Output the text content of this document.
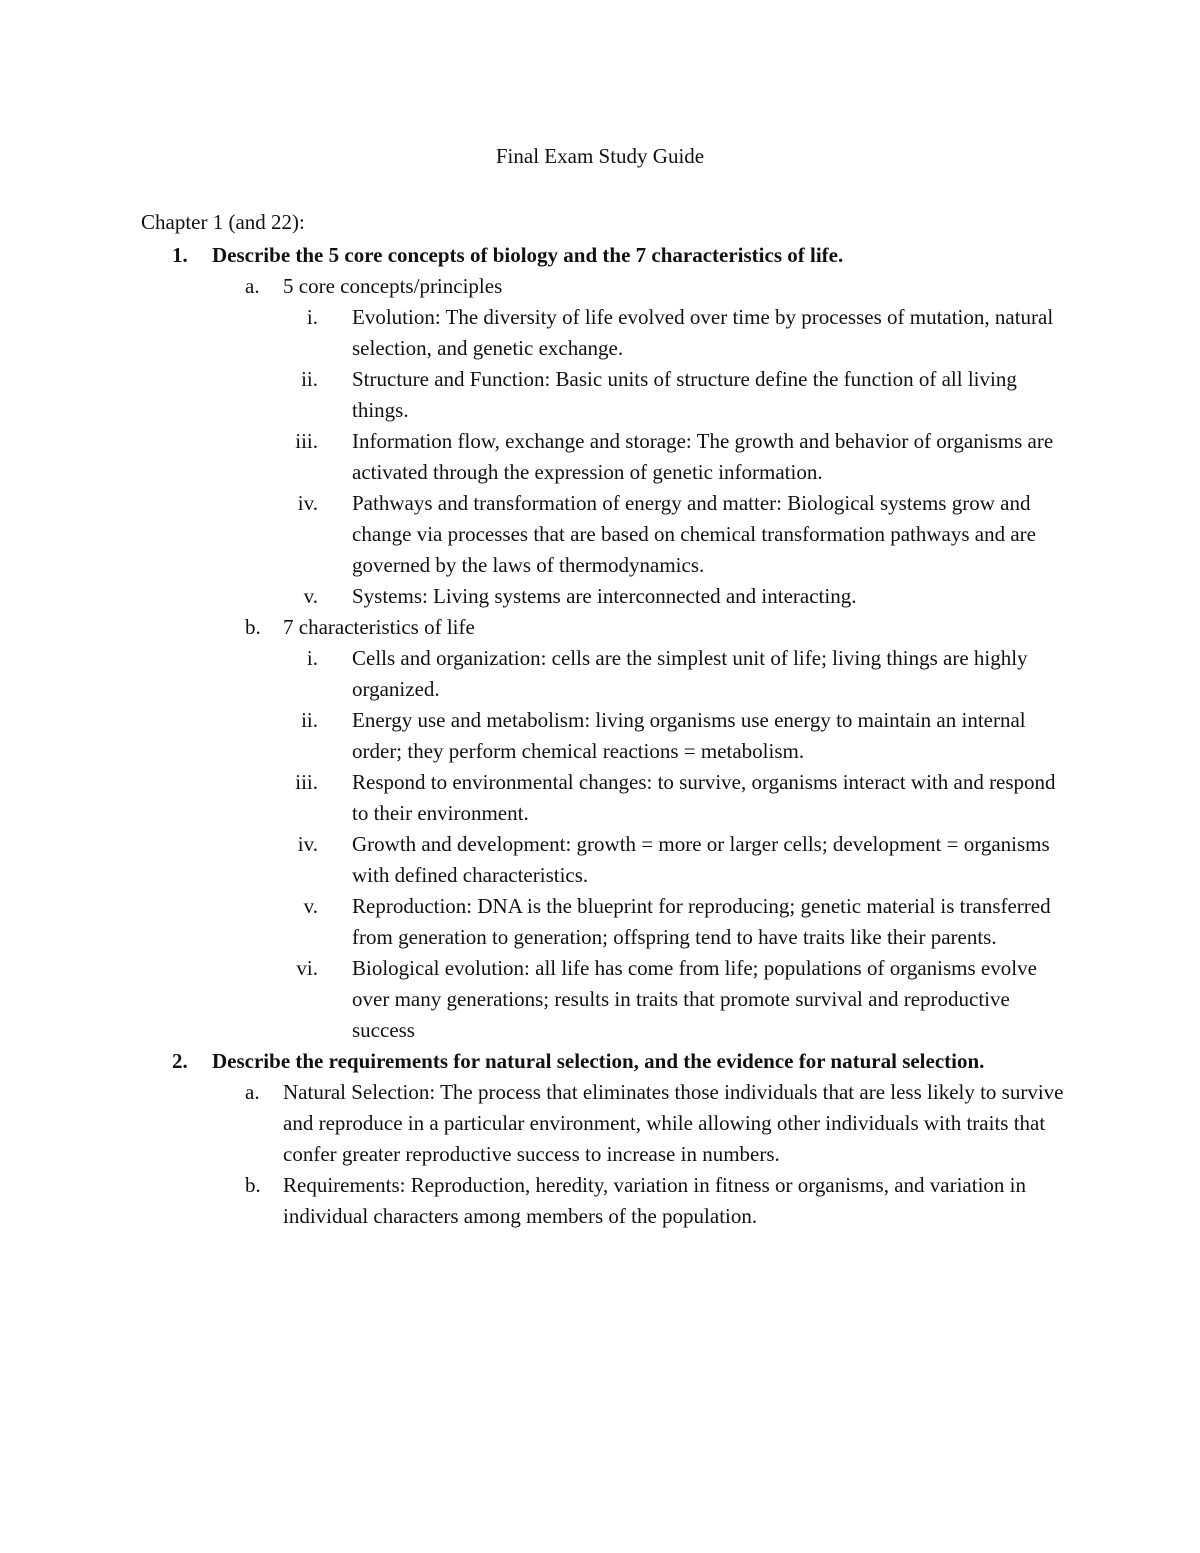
Final Exam Study Guide
Chapter 1 (and 22):
1. Describe the 5 core concepts of biology and the 7 characteristics of life.
a. 5 core concepts/principles
i. Evolution: The diversity of life evolved over time by processes of mutation, natural selection, and genetic exchange.
ii. Structure and Function: Basic units of structure define the function of all living things.
iii. Information flow, exchange and storage: The growth and behavior of organisms are activated through the expression of genetic information.
iv. Pathways and transformation of energy and matter: Biological systems grow and change via processes that are based on chemical transformation pathways and are governed by the laws of thermodynamics.
v. Systems: Living systems are interconnected and interacting.
b. 7 characteristics of life
i. Cells and organization: cells are the simplest unit of life; living things are highly organized.
ii. Energy use and metabolism: living organisms use energy to maintain an internal order; they perform chemical reactions = metabolism.
iii. Respond to environmental changes: to survive, organisms interact with and respond to their environment.
iv. Growth and development: growth = more or larger cells; development = organisms with defined characteristics.
v. Reproduction: DNA is the blueprint for reproducing; genetic material is transferred from generation to generation; offspring tend to have traits like their parents.
vi. Biological evolution: all life has come from life; populations of organisms evolve over many generations; results in traits that promote survival and reproductive success
2. Describe the requirements for natural selection, and the evidence for natural selection.
a. Natural Selection: The process that eliminates those individuals that are less likely to survive and reproduce in a particular environment, while allowing other individuals with traits that confer greater reproductive success to increase in numbers.
b. Requirements: Reproduction, heredity, variation in fitness or organisms, and variation in individual characters among members of the population.
